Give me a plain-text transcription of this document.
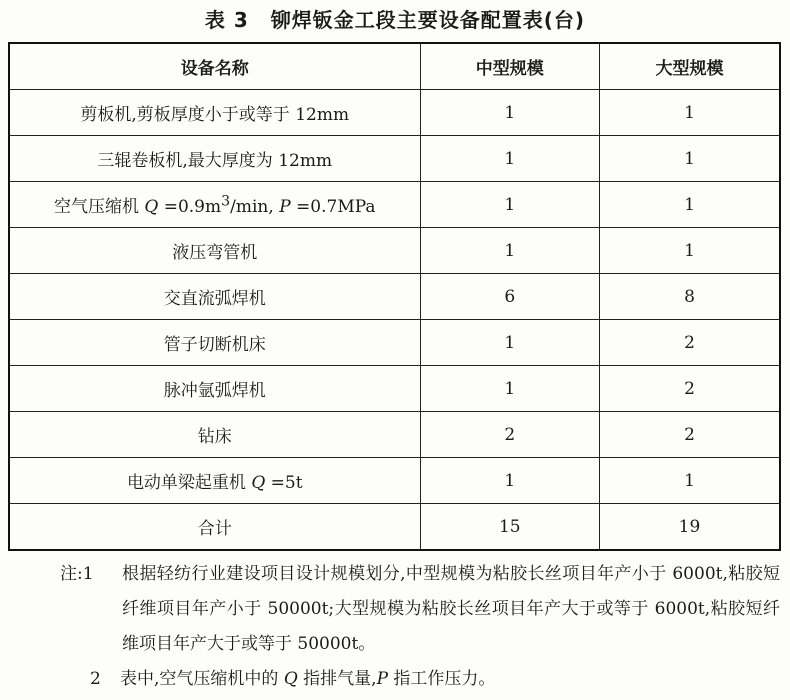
表 3 铆焊钣金工段主要设备配置表(台)
设备名称	中型规模	大型规模
剪板机,剪板厚度小于或等于 12mm	1	1
三辊卷板机,最大厚度为 12mm	1	1
空气压缩机 $Q =0.9m^3/\min$, P =0.7MPa	1	1
液压弯管机	1	1
交直流弧焊机	6	8
管子切断机床	1	2
脉冲氩弧焊机	1	2
钻床	2	2
电动单梁起重机 Q =5t	1	1
合计	15	19
注:1	根据轻纺行业建设项目设计规模划分,中型规模为粘胶长丝项目年产小于 6000t,粘胶短纤维项目年产小于 50000t;大型规模为粘胶长丝项目年产大于或等于 6000t,粘胶短纤维项目年产大于或等于 50000t。
2	表中,空气压缩机中的 Q 指排气量,P 指工作压力。
